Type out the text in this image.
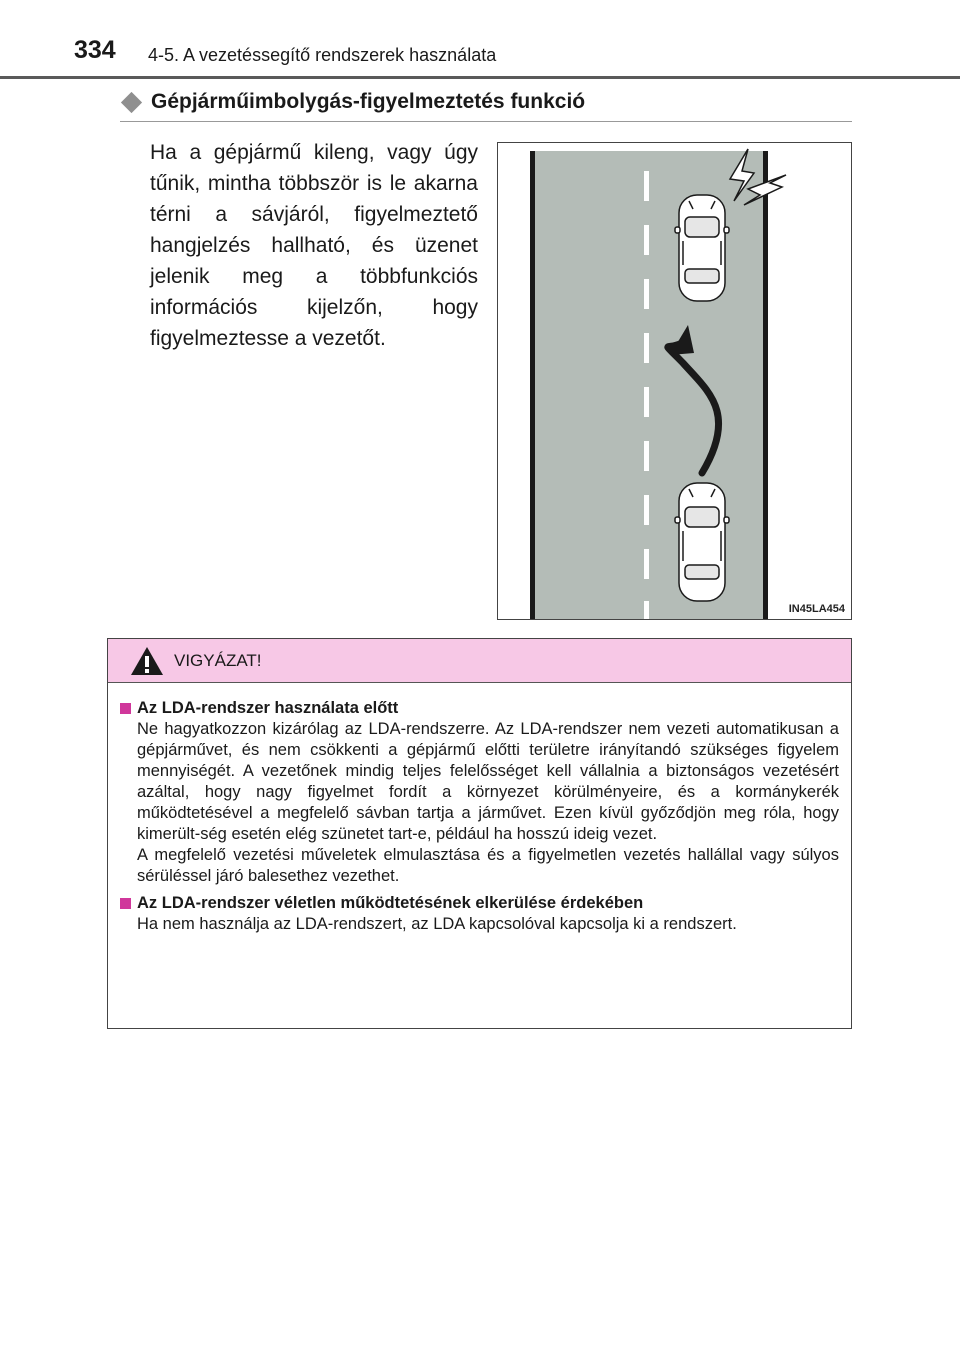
334 4-5. A vezetéssegítő rendszerek használata
Gépjárműimbolygás-figyelmeztetés funkció
Ha a gépjármű kileng, vagy úgy tűnik, mintha többször is le akarna térni a sávjáról, figyelmeztető hangjelzés hallható, és üzenet jelenik meg a többfunkciós információs kijelzőn, hogy figyelmeztesse a vezetőt.
IN45LA454
VIGYÁZAT!
Az LDA-rendszer használata előtt
Ne hagyatkozzon kizárólag az LDA-rendszerre. Az LDA-rendszer nem vezeti automatikusan a gépjárművet, és nem csökkenti a gépjármű előtti területre irányítandó szükséges figyelem mennyiségét. A vezetőnek mindig teljes felelősséget kell vállalnia a biztonságos vezetésért azáltal, hogy nagy figyelmet fordít a környezet körülményeire, és a kormánykerék működtetésével a megfelelő sávban tartja a járművet. Ezen kívül győződjön meg róla, hogy kimerült-ség esetén elég szünetet tart-e, például ha hosszú ideig vezet.
A megfelelő vezetési műveletek elmulasztása és a figyelmetlen vezetés hallállal vagy súlyos sérüléssel járó balesethez vezethet.
Az LDA-rendszer véletlen működtetésének elkerülése érdekében
Ha nem használja az LDA-rendszert, az LDA kapcsolóval kapcsolja ki a rendszert.
